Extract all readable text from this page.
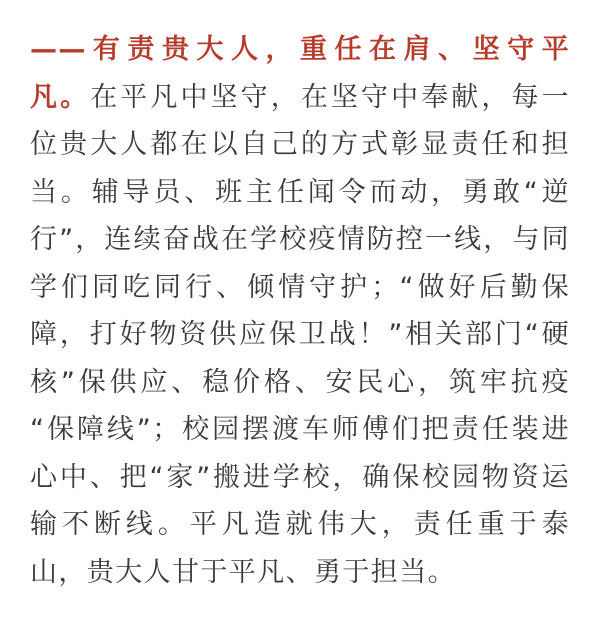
——有责贵大人，重任在肩、坚守平
凡。在平凡中坚守，在坚守中奉献，每一
位贵大人都在以自己的方式彰显责任和担
当。辅导员、班主任闻令而动，勇敢“逆
行”，连续奋战在学校疫情防控一线，与同
学们同吃同行、倾情守护；“做好后勤保
障，打好物资供应保卫战！”相关部门“硬
核”保供应、稳价格、安民心，筑牢抗疫
“保障线”；校园摆渡车师傅们把责任装进
心中、把“家”搬进学校，确保校园物资运
输不断线。平凡造就伟大，责任重于泰
山，贵大人甘于平凡、勇于担当。
